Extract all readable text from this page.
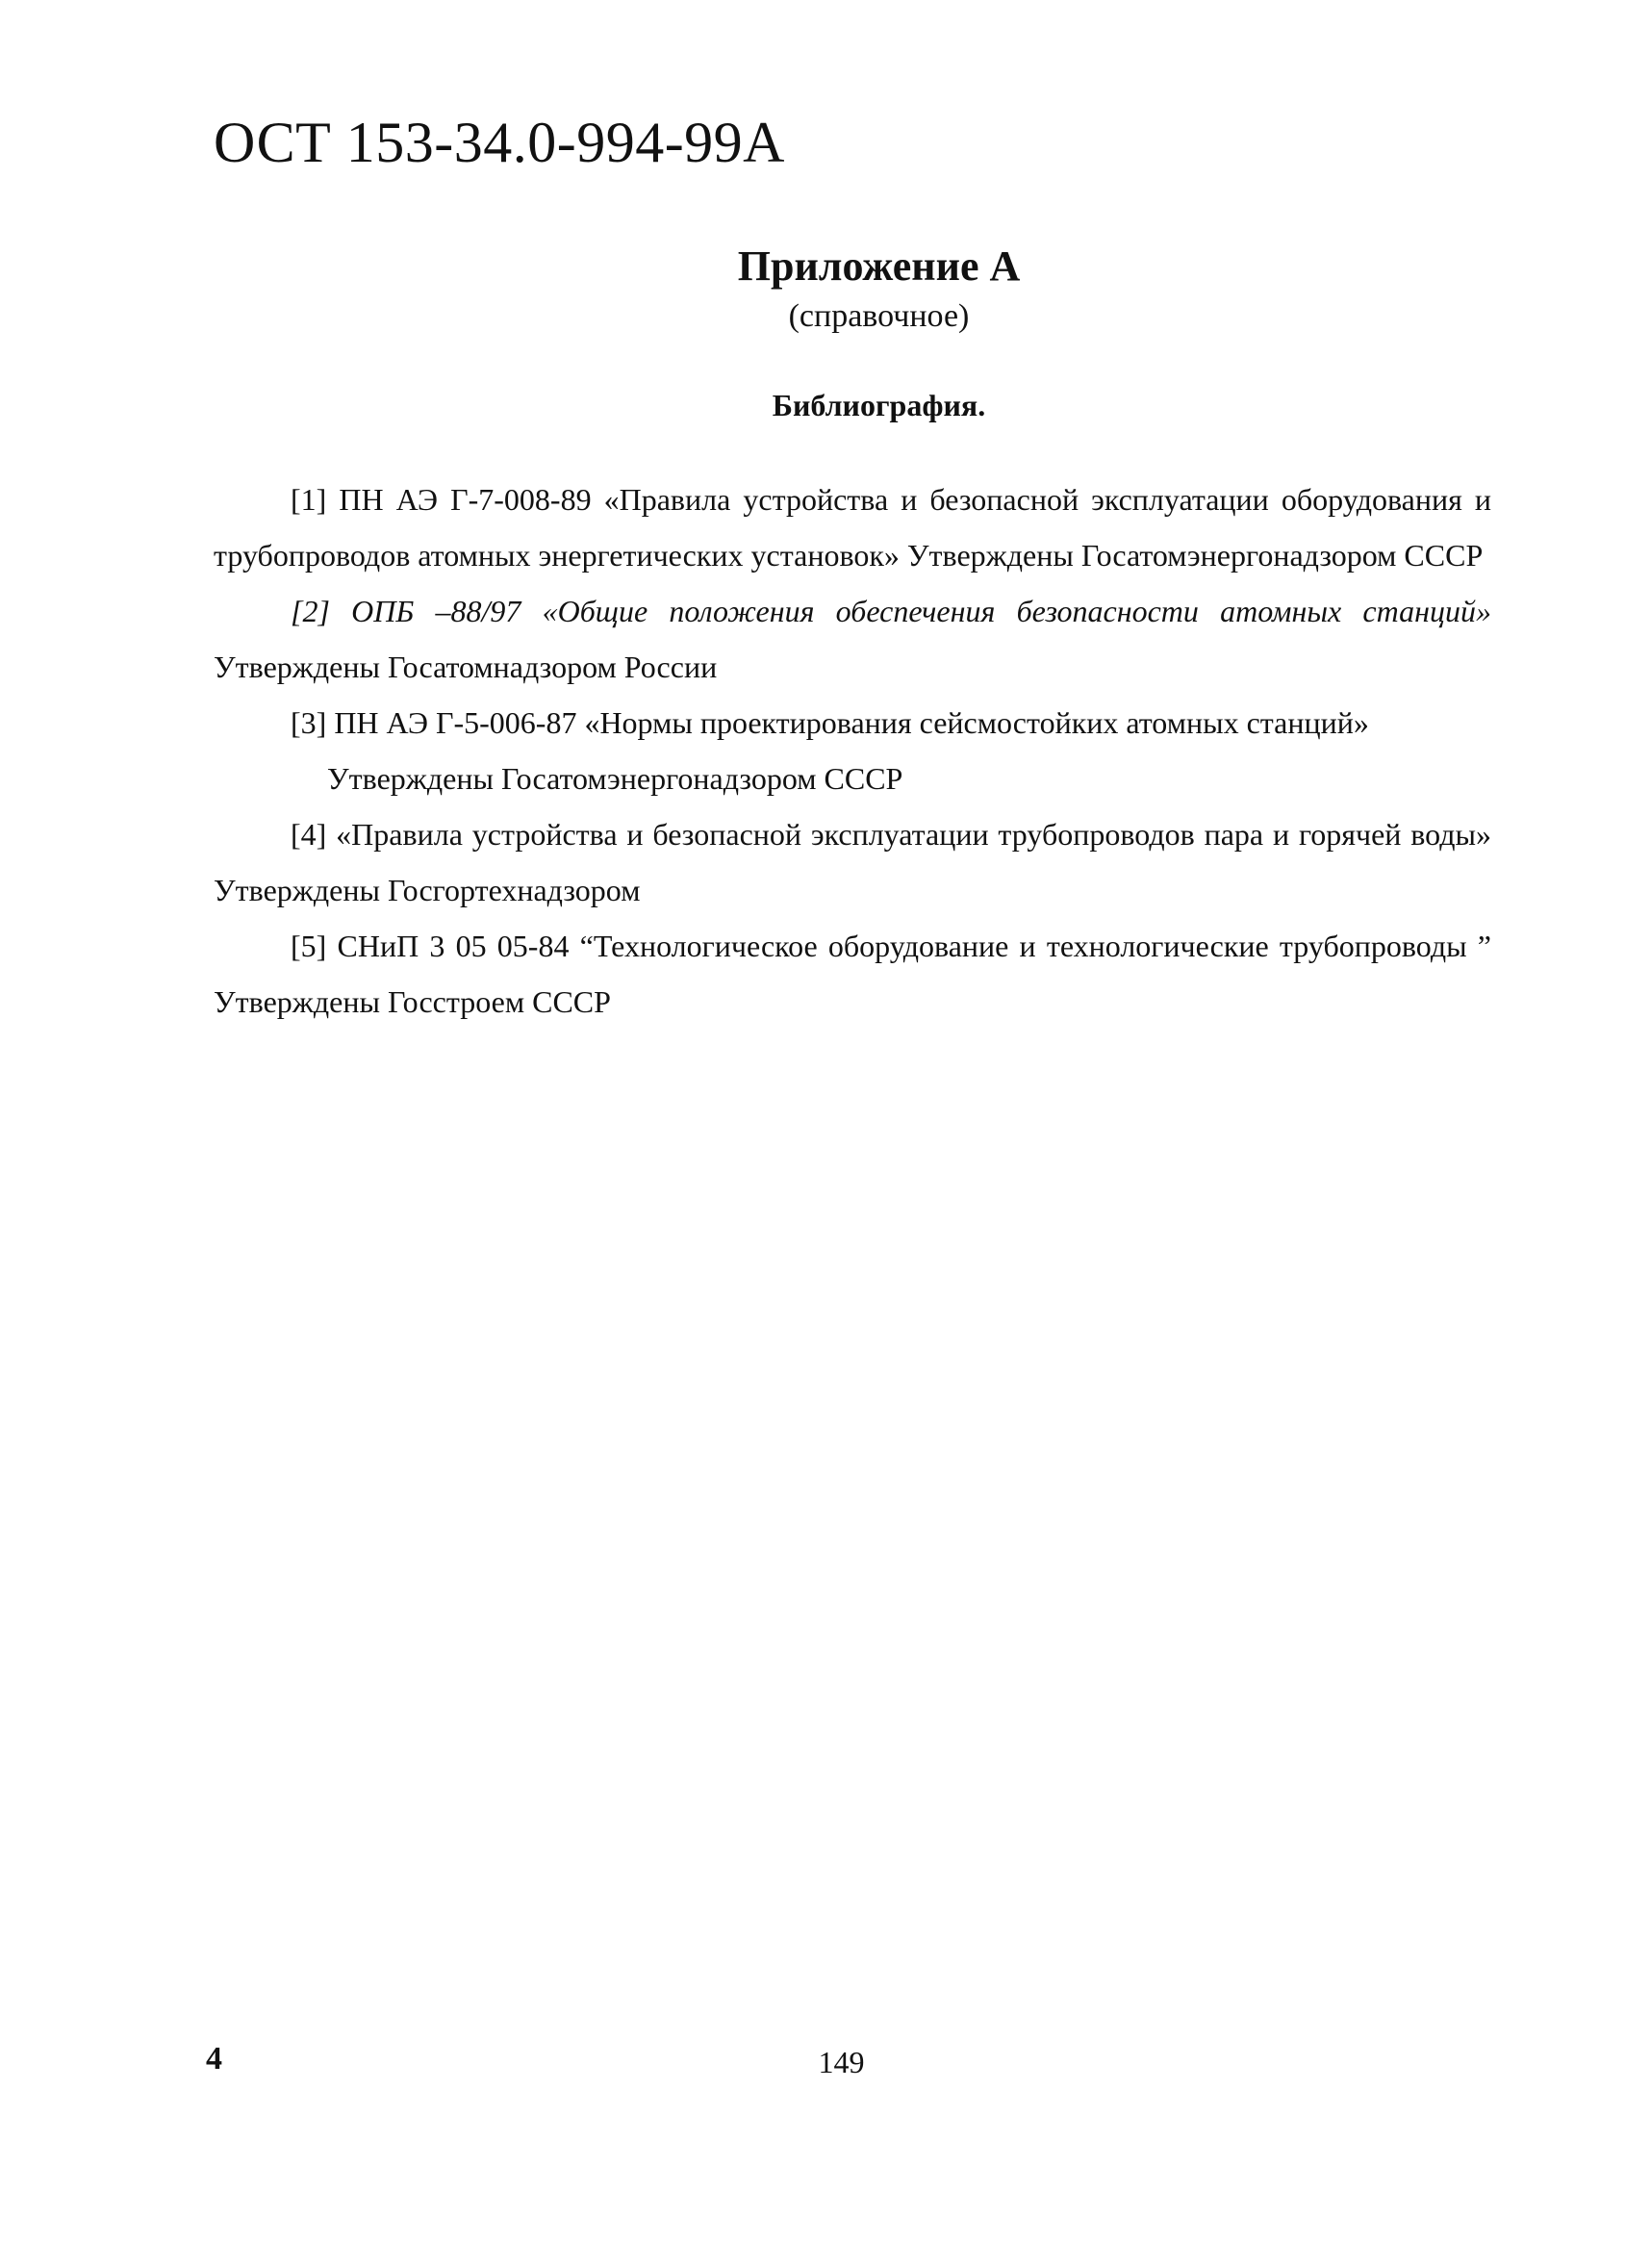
ОСТ 153-34.0-994-99А
Приложение А
(справочное)
Библиография.

[1] ПН АЭ Г-7-008-89 «Правила устройства и безопасной эксплуатации оборудования и трубопроводов атомных энергетических установок» Утверждены Госатомэнергонадзором СССР

[2] ОПБ –88/97 «Общие положения обеспечения безопасности атомных станций» Утверждены Госатомнадзором России

[3] ПН АЭ Г-5-006-87 «Нормы проектирования сейсмостойких атомных станций»
Утверждены Госатомэнергонадзором СССР

[4] «Правила устройства и безопасной эксплуатации трубопроводов пара и горячей воды» Утверждены Госгортехнадзором

[5] СНиП 3 05 05-84 “Технологическое оборудование и технологические трубопроводы ” Утверждены Госстроем СССР

4	149
